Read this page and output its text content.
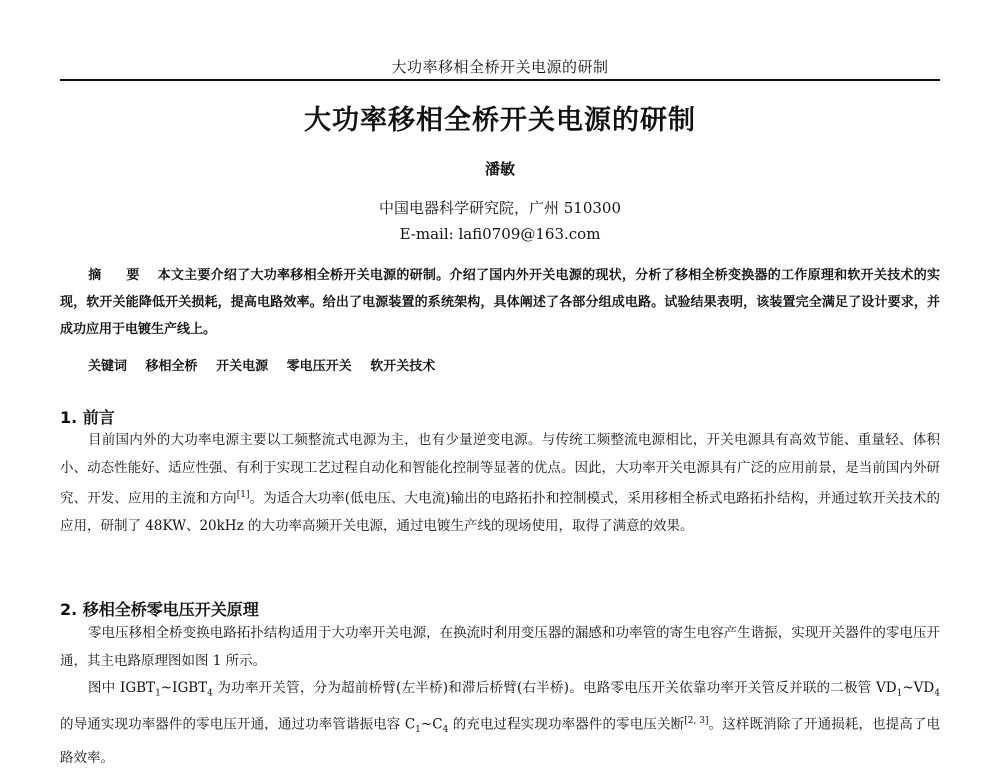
大功率移相全桥开关电源的研制
大功率移相全桥开关电源的研制
潘敏
中国电器科学研究院，广州 510300
E-mail: lafi0709@163.com
摘 要 本文主要介绍了大功率移相全桥开关电源的研制。介绍了国内外开关电源的现状，分析了移相全桥变换器的工作原理和软开关技术的实现，软开关能降低开关损耗，提高电路效率。给出了电源装置的系统架构，具体阐述了各部分组成电路。试验结果表明，该装置完全满足了设计要求，并成功应用于电镀生产线上。
关键词 移相全桥 开关电源 零电压开关 软开关技术
1. 前言

目前国内外的大功率电源主要以工频整流式电源为主，也有少量逆变电源。与传统工频整流电源相比，开关电源具有高效节能、重量轻、体积小、动态性能好、适应性强、有利于实现工艺过程自动化和智能化控制等显著的优点。因此，大功率开关电源具有广泛的应用前景，是当前国内外研究、开发、应用的主流和方向[1]。为适合大功率(低电压、大电流)输出的电路拓扑和控制模式，采用移相全桥式电路拓扑结构，并通过软开关技术的应用，研制了 48KW、20kHz 的大功率高频开关电源，通过电镀生产线的现场使用，取得了满意的效果。

2. 移相全桥零电压开关原理

零电压移相全桥变换电路拓扑结构适用于大功率开关电源，在换流时利用变压器的漏感和功率管的寄生电容产生谐振，实现开关器件的零电压开通，其主电路原理图如图 1 所示。

图中 $IGBT_1\sim IGBT_4$ 为功率开关管，分为超前桥臂(左半桥)和滞后桥臂(右半桥)。电路零电压开关依靠功率开关管反并联的二极管 $VD_1\sim VD_4$ 的导通实现功率器件的零电压开通，通过功率管谐振电容 $C_1\sim C_4$ 的充电过程实现功率器件的零电压关断[2, 3]。这样既消除了开通损耗，也提高了电路效率。
